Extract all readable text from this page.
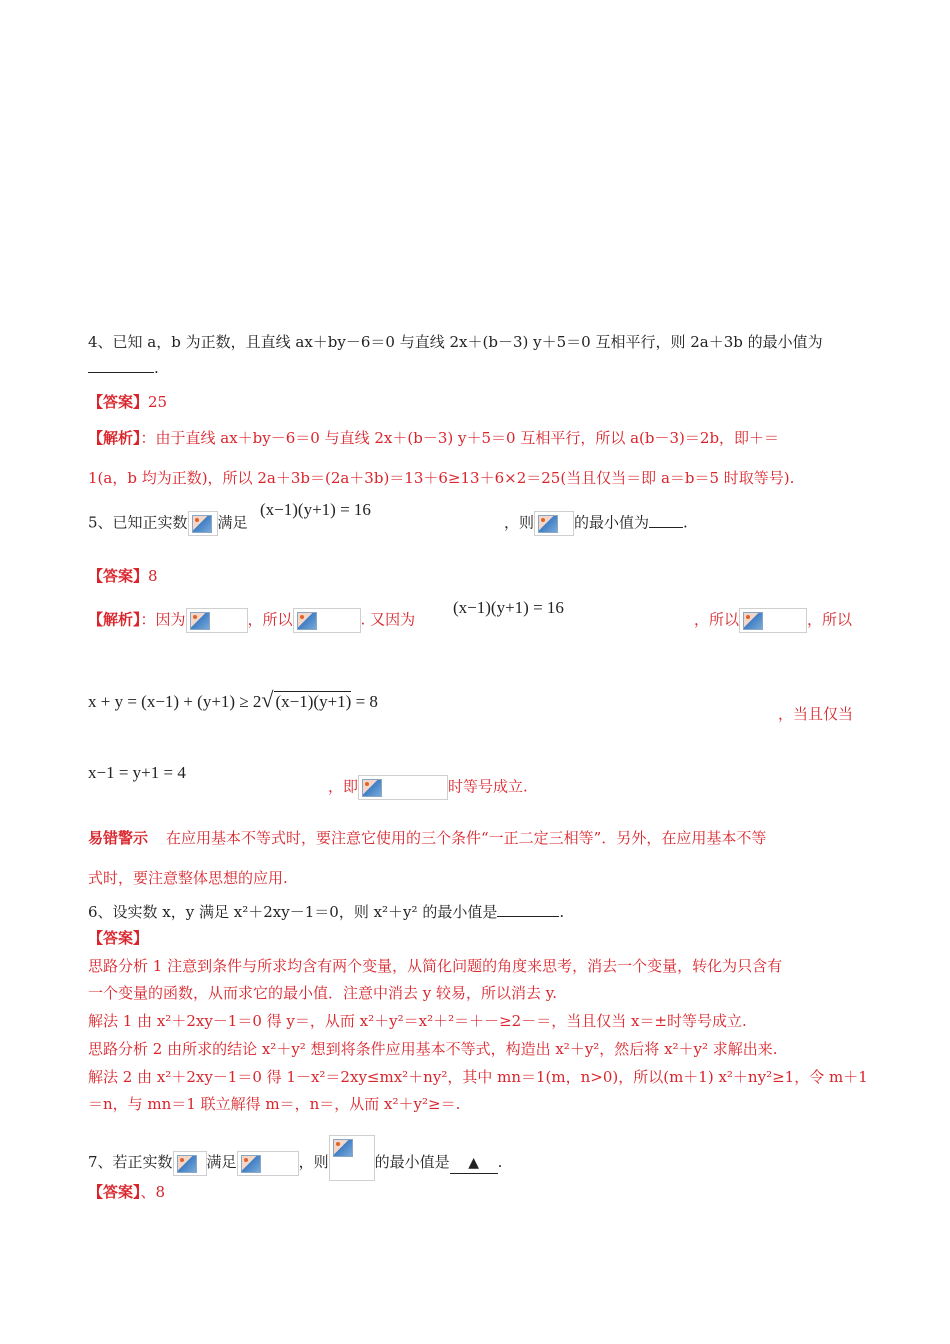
4、已知 a，b 为正数，且直线 ax＋by－6＝0 与直线 2x＋(b－3) y＋5＝0 互相平行，则 2a＋3b 的最小值为
.
【答案】25
【解析】：由于直线 ax＋by－6＝0 与直线 2x＋(b－3) y＋5＝0 互相平行，所以 a(b－3)＝2b，即＋＝
1(a，b 均为正数)，所以 2a＋3b＝(2a＋3b)＝13＋6≥13＋6×2＝25(当且仅当＝即 a＝b＝5 时取等号).
5、已知正实数 满足
(x−1)(y+1) = 16
，则	的最小值为 .
【答案】8
【解析】：因为	，所以	. 又因为
(x−1)(y+1) = 16
，所以	，所以
x + y = (x−1) + (y+1) ≥ 2√ (x−1)(y+1) = 8
，当且仅当
x−1 = y+1 = 4
，即	时等号成立.
易错警示 在应用基本不等式时，要注意它使用的三个条件“一正二定三相等”．另外，在应用基本不等
式时，要注意整体思想的应用.
6、设实数 x，y 满足 x²＋2xy－1＝0，则 x²＋y² 的最小值是	.
【答案】
思路分析 1 注意到条件与所求均含有两个变量，从简化问题的角度来思考，消去一个变量，转化为只含有
一个变量的函数，从而求它的最小值．注意中消去 y 较易，所以消去 y.
解法 1 由 x²＋2xy－1＝0 得 y＝，从而 x²＋y²＝x²＋²＝＋－≥2－＝，当且仅当 x＝±时等号成立.
思路分析 2 由所求的结论 x²＋y² 想到将条件应用基本不等式，构造出 x²＋y²，然后将 x²＋y² 求解出来.
解法 2 由 x²＋2xy－1＝0 得 1－x²＝2xy≤mx²＋ny²，其中 mn＝1(m，n>0)，所以(m＋1) x²＋ny²≥1，令 m＋1
＝n，与 mn＝1 联立解得 m＝，n＝，从而 x²＋y²≥＝.
7、若正实数 满足	，则	的最小值是 ▲ .
【答案】、8
